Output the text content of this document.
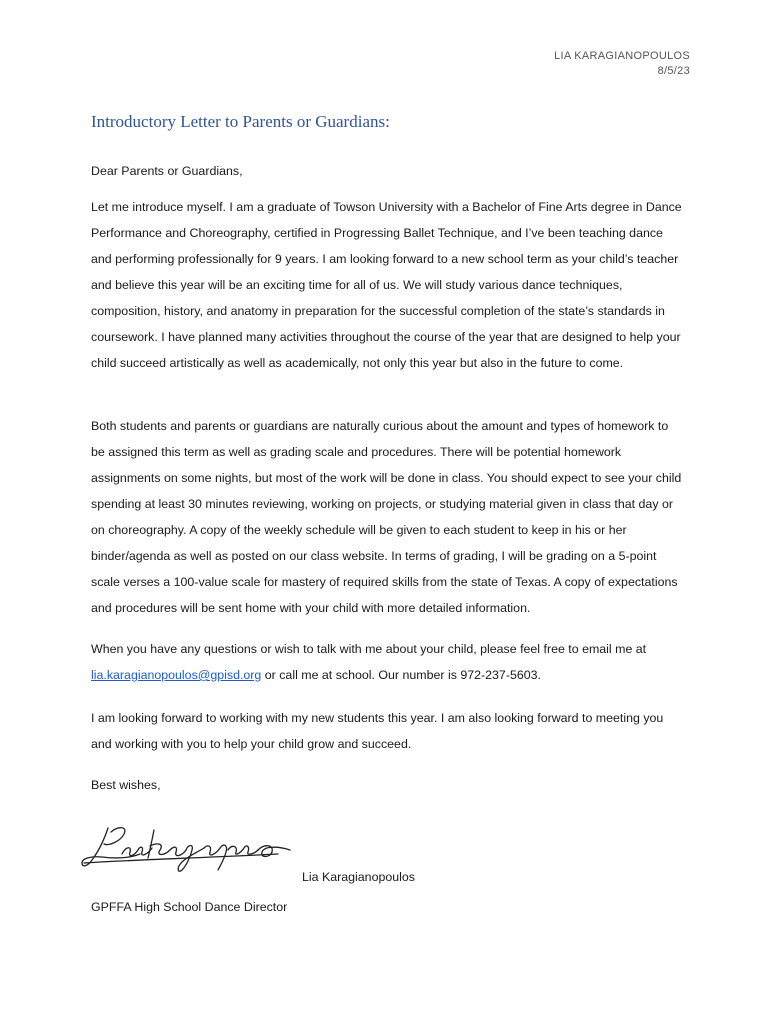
LIA KARAGIANOPOULOS
8/5/23
Introductory Letter to Parents or Guardians:

Dear Parents or Guardians,

Let me introduce myself. I am a graduate of Towson University with a Bachelor of Fine Arts degree in Dance Performance and Choreography, certified in Progressing Ballet Technique, and I’ve been teaching dance and performing professionally for 9 years. I am looking forward to a new school term as your child’s teacher and believe this year will be an exciting time for all of us. We will study various dance techniques, composition, history, and anatomy in preparation for the successful completion of the state’s standards in coursework. I have planned many activities throughout the course of the year that are designed to help your child succeed artistically as well as academically, not only this year but also in the future to come.

Both students and parents or guardians are naturally curious about the amount and types of homework to be assigned this term as well as grading scale and procedures. There will be potential homework assignments on some nights, but most of the work will be done in class. You should expect to see your child spending at least 30 minutes reviewing, working on projects, or studying material given in class that day or on choreography. A copy of the weekly schedule will be given to each student to keep in his or her binder/agenda as well as posted on our class website. In terms of grading, I will be grading on a 5-point scale verses a 100-value scale for mastery of required skills from the state of Texas. A copy of expectations and procedures will be sent home with your child with more detailed information.

When you have any questions or wish to talk with me about your child, please feel free to email me at lia.karagianopoulos@gpisd.org or call me at school. Our number is 972-237-5603.

I am looking forward to working with my new students this year. I am also looking forward to meeting you and working with you to help your child grow and succeed.

Best wishes,

Lia Karagianopoulos
GPFFA High School Dance Director
